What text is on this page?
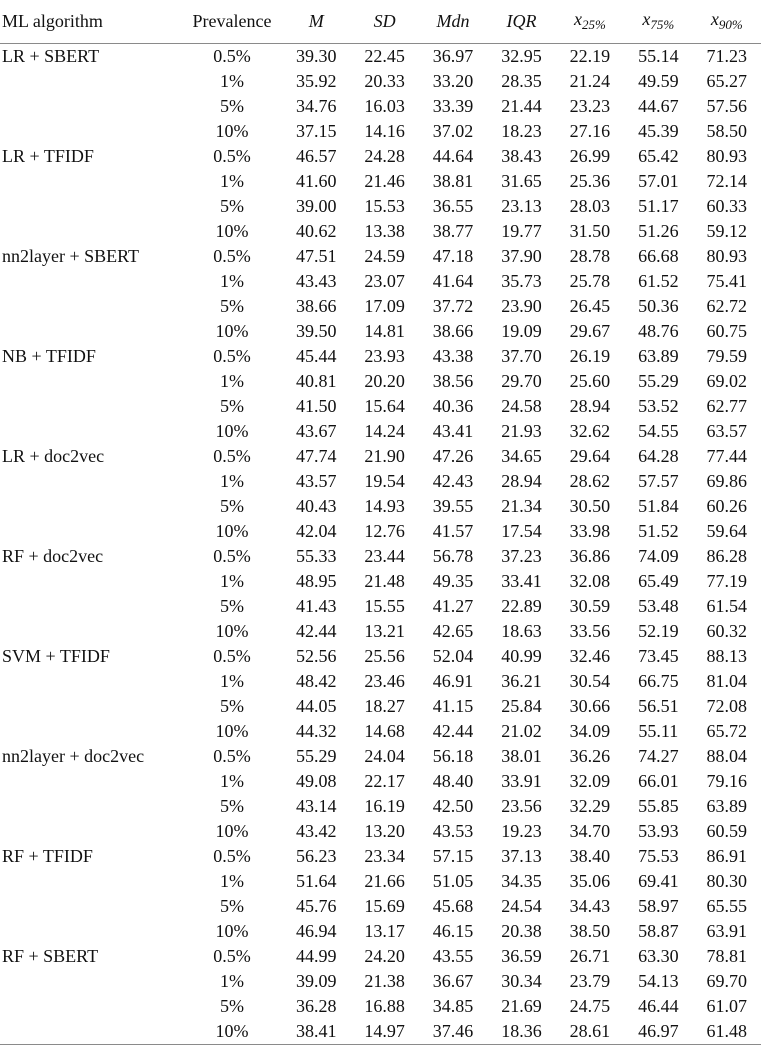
ML algorithm	Prevalence	M	SD	Mdn	IQR	$x_{25\%}$	$x_{75\%}$	$x_{90\%}$
LR + SBERT	0.5%	39.30	22.45	36.97	32.95	22.19	55.14	71.23
	1%	35.92	20.33	33.20	28.35	21.24	49.59	65.27
	5%	34.76	16.03	33.39	21.44	23.23	44.67	57.56
	10%	37.15	14.16	37.02	18.23	27.16	45.39	58.50
LR + TFIDF	0.5%	46.57	24.28	44.64	38.43	26.99	65.42	80.93
	1%	41.60	21.46	38.81	31.65	25.36	57.01	72.14
	5%	39.00	15.53	36.55	23.13	28.03	51.17	60.33
	10%	40.62	13.38	38.77	19.77	31.50	51.26	59.12
nn2layer + SBERT	0.5%	47.51	24.59	47.18	37.90	28.78	66.68	80.93
	1%	43.43	23.07	41.64	35.73	25.78	61.52	75.41
	5%	38.66	17.09	37.72	23.90	26.45	50.36	62.72
	10%	39.50	14.81	38.66	19.09	29.67	48.76	60.75
NB + TFIDF	0.5%	45.44	23.93	43.38	37.70	26.19	63.89	79.59
	1%	40.81	20.20	38.56	29.70	25.60	55.29	69.02
	5%	41.50	15.64	40.36	24.58	28.94	53.52	62.77
	10%	43.67	14.24	43.41	21.93	32.62	54.55	63.57
LR + doc2vec	0.5%	47.74	21.90	47.26	34.65	29.64	64.28	77.44
	1%	43.57	19.54	42.43	28.94	28.62	57.57	69.86
	5%	40.43	14.93	39.55	21.34	30.50	51.84	60.26
	10%	42.04	12.76	41.57	17.54	33.98	51.52	59.64
RF + doc2vec	0.5%	55.33	23.44	56.78	37.23	36.86	74.09	86.28
	1%	48.95	21.48	49.35	33.41	32.08	65.49	77.19
	5%	41.43	15.55	41.27	22.89	30.59	53.48	61.54
	10%	42.44	13.21	42.65	18.63	33.56	52.19	60.32
SVM + TFIDF	0.5%	52.56	25.56	52.04	40.99	32.46	73.45	88.13
	1%	48.42	23.46	46.91	36.21	30.54	66.75	81.04
	5%	44.05	18.27	41.15	25.84	30.66	56.51	72.08
	10%	44.32	14.68	42.44	21.02	34.09	55.11	65.72
nn2layer + doc2vec	0.5%	55.29	24.04	56.18	38.01	36.26	74.27	88.04
	1%	49.08	22.17	48.40	33.91	32.09	66.01	79.16
	5%	43.14	16.19	42.50	23.56	32.29	55.85	63.89
	10%	43.42	13.20	43.53	19.23	34.70	53.93	60.59
RF + TFIDF	0.5%	56.23	23.34	57.15	37.13	38.40	75.53	86.91
	1%	51.64	21.66	51.05	34.35	35.06	69.41	80.30
	5%	45.76	15.69	45.68	24.54	34.43	58.97	65.55
	10%	46.94	13.17	46.15	20.38	38.50	58.87	63.91
RF + SBERT	0.5%	44.99	24.20	43.55	36.59	26.71	63.30	78.81
	1%	39.09	21.38	36.67	30.34	23.79	54.13	69.70
	5%	36.28	16.88	34.85	21.69	24.75	46.44	61.07
	10%	38.41	14.97	37.46	18.36	28.61	46.97	61.48
